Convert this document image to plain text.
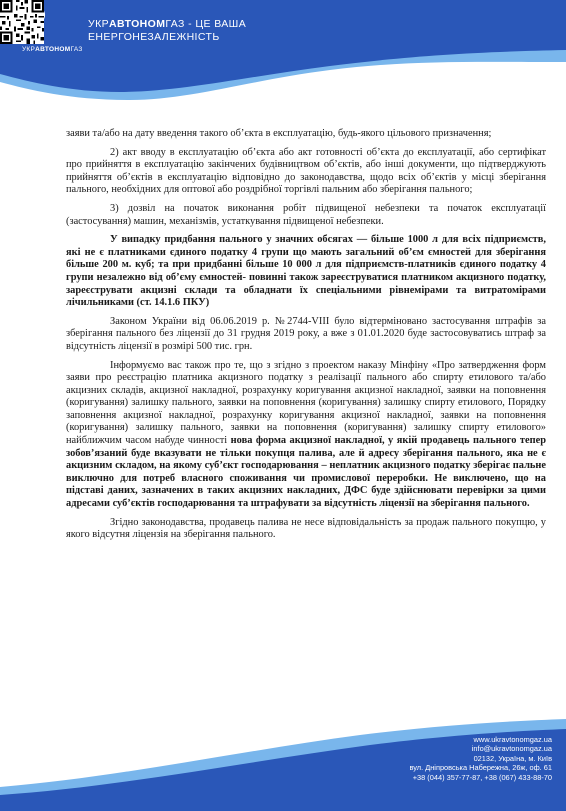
УКРАВТОНОМГАЗ
УКРАВТОНОМГАЗ - ЦЕ ВАША
ЕНЕРГОНЕЗАЛЕЖНІСТЬ

заяви та/або на дату введення такого об’єкта в експлуатацію, будь-якого цільового призначення;

2) акт вводу в експлуатацію об’єкта або акт готовності об’єкта до експлуатації, або сертифікат про прийняття в експлуатацію закінчених будівництвом об’єктів, або інші документи, що підтверджують прийняття об’єктів в експлуатацію відповідно до законодавства, щодо всіх об’єктів у місці зберігання пального, необхідних для оптової або роздрібної торгівлі пальним або зберігання пального;

3) дозвіл на початок виконання робіт підвищеної небезпеки та початок експлуатації (застосування) машин, механізмів, устаткування підвищеної небезпеки.

У випадку придбання пального у значних обсягах — більше 1000 л для всіх підприємств, які не є платниками єдиного податку 4 групи що мають загальний об’єм ємностей для зберігання більше 200 м. куб; та при придбанні більше 10 000 л для підприємств-платників єдиного податку 4 групи незалежно від об’єму ємностей- повинні також зареєструватися платником акцизного податку, зареєструвати акцизні склади та обладнати їх спеціальними рівнемірами та витратомірами лічильниками (ст. 14.1.6 ПКУ)

Законом України від 06.06.2019 р. №2744-VIII було відтерміновано застосування штрафів за зберігання пального без ліцензії до 31 грудня 2019 року, а вже з 01.01.2020 буде застосовуватись штраф за відсутність ліцензії в розмірі 500 тис. грн.

Інформуємо вас також про те, що з згідно з проектом наказу Мінфіну «Про затвердження форм заяви про реєстрацію платника акцизного податку з реалізації пального або спирту етилового та/або акцизних складів, акцизної накладної, розрахунку коригування акцизної накладної, заявки на поповнення (коригування) залишку пального, заявки на поповнення (коригування) залишку спирту етилового, Порядку заповнення акцизної накладної, розрахунку коригування акцизної накладної, заявки на поповнення (коригування) залишку пального, заявки на поповнення (коригування) залишку спирту етилового» найближчим часом набуде чинності нова форма акцизної накладної, у якій продавець пального тепер зобов’язаний буде вказувати не тільки покупця палива, але й адресу зберігання пального, яка не є акцизним складом, на якому суб’єкт господарювання – неплатник акцизного податку зберігає пальне виключно для потреб власного споживання чи промислової переробки. Не виключено, що на підставі даних, зазначених в таких акцизних накладних, ДФС буде здійснювати перевірки за цими адресами суб’єктів господарювання та штрафувати за відсутність ліцензії на зберігання пального.

Згідно законодавства, продавець палива не несе відповідальність за продаж пального покупцю, у якого відсутня ліцензія на зберігання пального.

www.ukravtonomgaz.ua
info@ukravtonomgaz.ua
02132, Україна, м. Київ
вул. Дніпровська Набережна, 26ж, оф. 61
+38 (044) 357-77-87, +38 (067) 433-88-70
